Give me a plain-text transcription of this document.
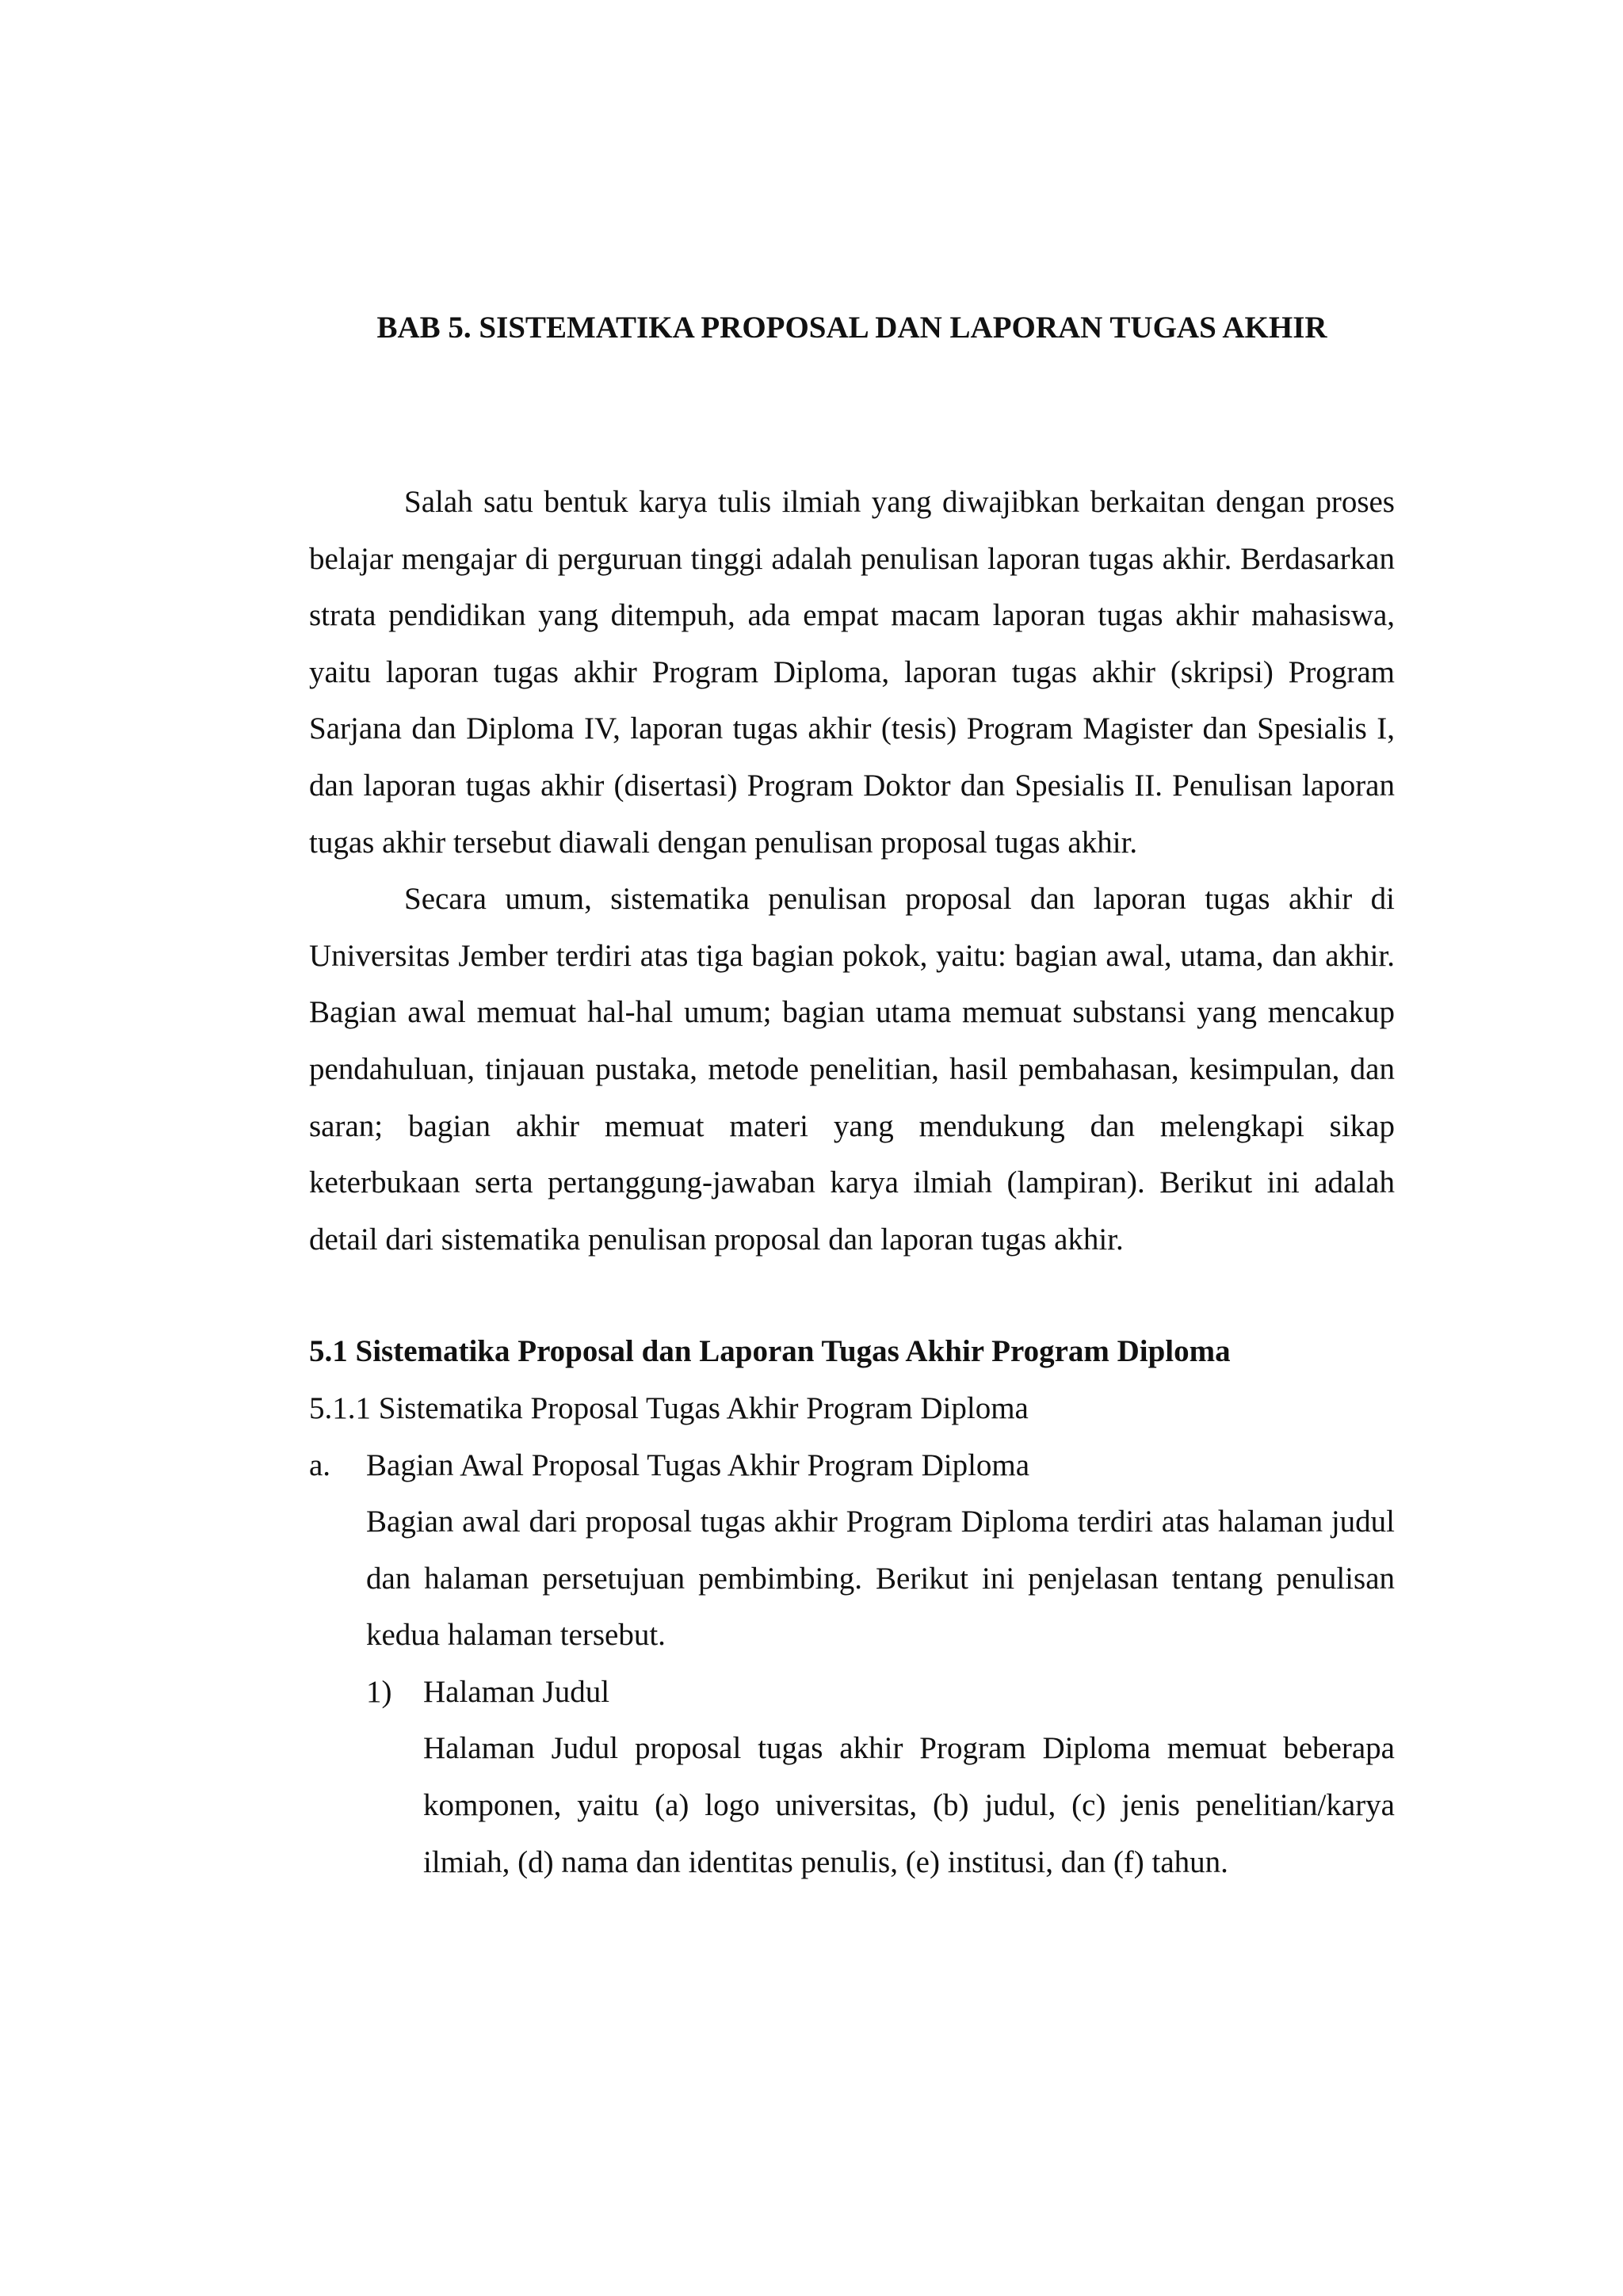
BAB 5. SISTEMATIKA PROPOSAL DAN LAPORAN TUGAS AKHIR

Salah satu bentuk karya tulis ilmiah yang diwajibkan berkaitan dengan proses belajar mengajar di perguruan tinggi adalah penulisan laporan tugas akhir. Berdasarkan strata pendidikan yang ditempuh, ada empat macam laporan tugas akhir mahasiswa, yaitu laporan tugas akhir Program Diploma, laporan tugas akhir (skripsi) Program Sarjana dan Diploma IV, laporan tugas akhir (tesis) Program Magister dan Spesialis I, dan laporan tugas akhir (disertasi) Program Doktor dan Spesialis II. Penulisan laporan tugas akhir tersebut diawali dengan penulisan proposal tugas akhir.

Secara umum, sistematika penulisan proposal dan laporan tugas akhir di Universitas Jember terdiri atas tiga bagian pokok, yaitu: bagian awal, utama, dan akhir. Bagian awal memuat hal-hal umum; bagian utama memuat substansi yang mencakup pendahuluan, tinjauan pustaka, metode penelitian, hasil pembahasan, kesimpulan, dan saran; bagian akhir memuat materi yang mendukung dan melengkapi sikap keterbukaan serta pertanggung-jawaban karya ilmiah (lampiran). Berikut ini adalah detail dari sistematika penulisan proposal dan laporan tugas akhir.

5.1 Sistematika Proposal dan Laporan Tugas Akhir Program Diploma

5.1.1 Sistematika Proposal Tugas Akhir Program Diploma

a.	Bagian Awal Proposal Tugas Akhir Program Diploma

Bagian awal dari proposal tugas akhir Program Diploma terdiri atas halaman judul dan halaman persetujuan pembimbing. Berikut ini penjelasan tentang penulisan kedua halaman tersebut.

1)	Halaman Judul

Halaman Judul proposal tugas akhir Program Diploma memuat beberapa komponen, yaitu (a) logo universitas, (b) judul, (c) jenis penelitian/karya ilmiah, (d) nama dan identitas penulis, (e) institusi, dan (f) tahun.
